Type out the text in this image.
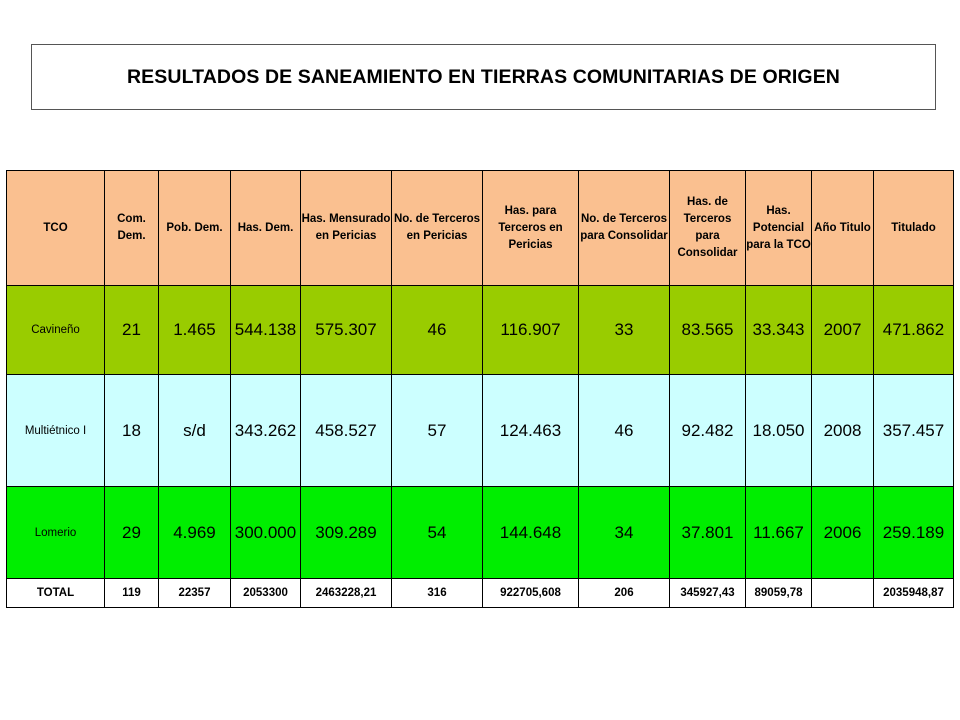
RESULTADOS DE SANEAMIENTO EN TIERRAS COMUNITARIAS DE ORIGEN
TCO	Com. Dem.	Pob. Dem.	Has. Dem.	Has. Mensurado en Pericias	No. de Terceros en Pericias	Has. para Terceros en Pericias	No. de Terceros para Consolidar	Has. de Terceros para Consolidar	Has. Potencial para la TCO	Año Titulo	Titulado
Cavineño	21	1.465	544.138	575.307	46	116.907	33	83.565	33.343	2007	471.862
Multiétnico I	18	s/d	343.262	458.527	57	124.463	46	92.482	18.050	2008	357.457
Lomerio	29	4.969	300.000	309.289	54	144.648	34	37.801	11.667	2006	259.189
TOTAL	119	22357	2053300	2463228,21	316	922705,608	206	345927,43	89059,78		2035948,87
